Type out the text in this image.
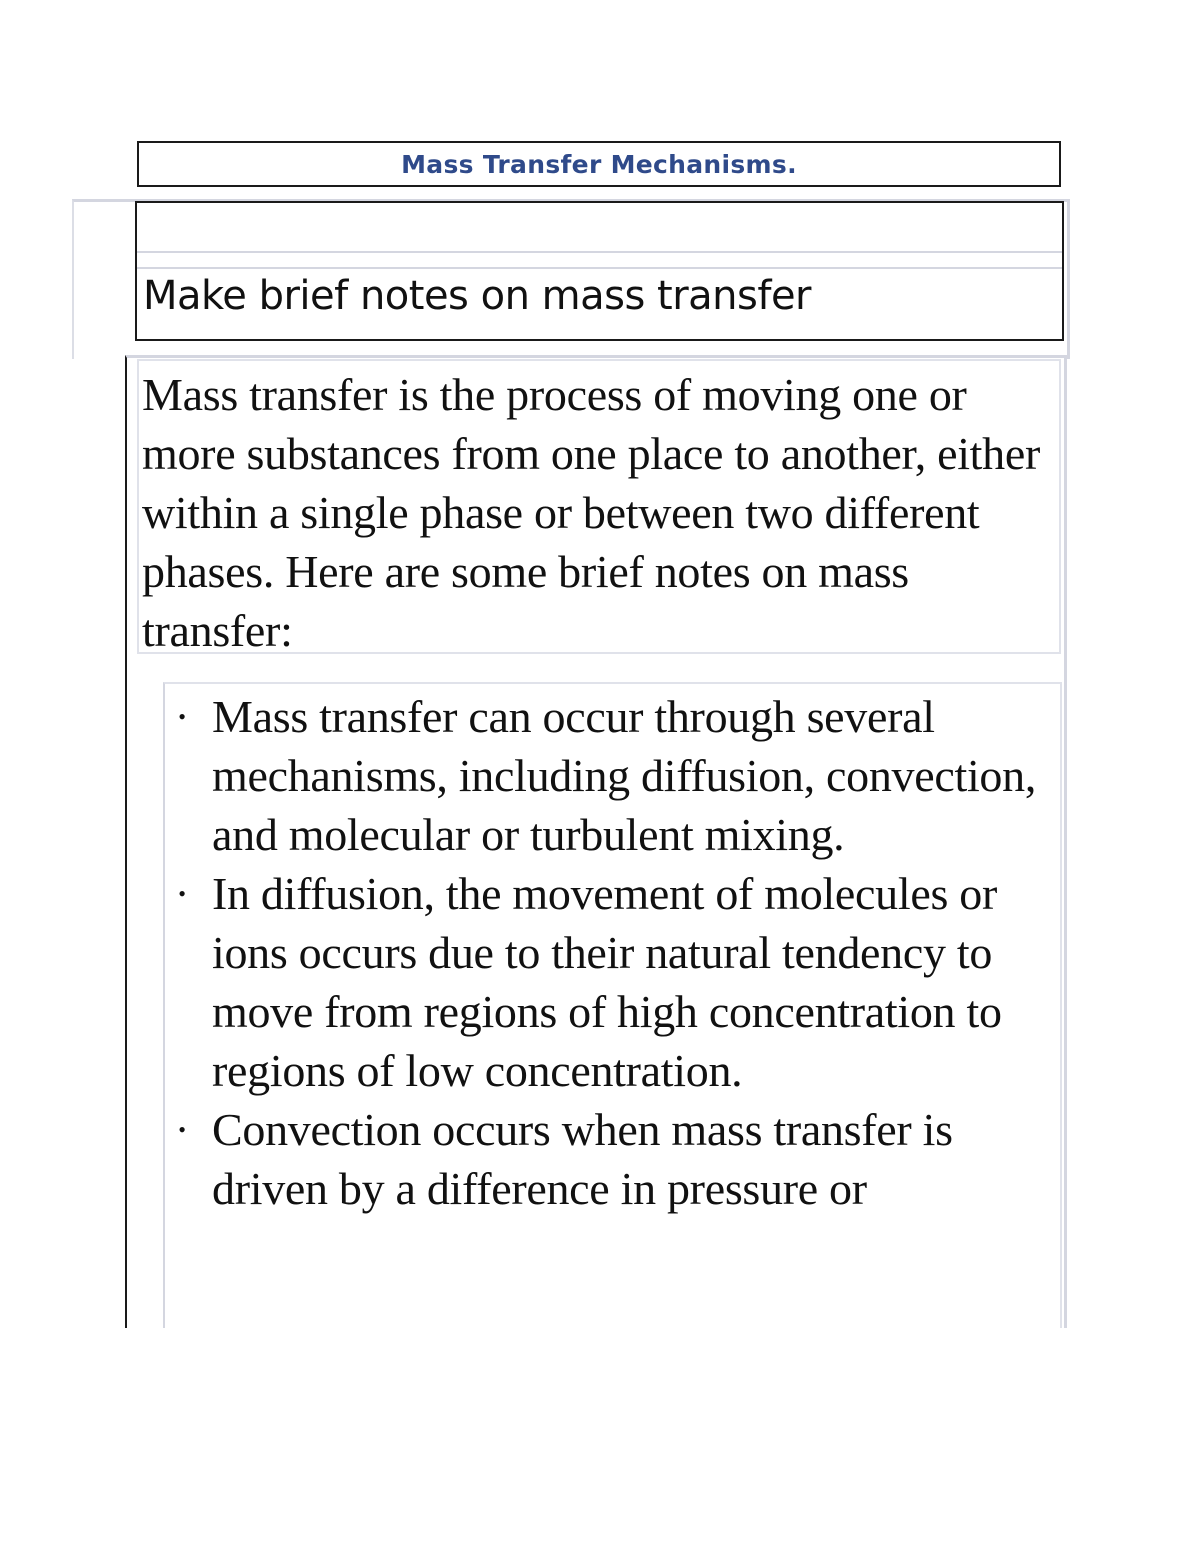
Mass Transfer Mechanisms.
Make brief notes on mass transfer

Mass transfer is the process of moving one or more substances from one place to another, either within a single phase or between two different phases. Here are some brief notes on mass transfer:

• Mass transfer can occur through several mechanisms, including diffusion, convection, and molecular or turbulent mixing.
• In diffusion, the movement of molecules or ions occurs due to their natural tendency to move from regions of high concentration to regions of low concentration.
• Convection occurs when mass transfer is driven by a difference in pressure or
